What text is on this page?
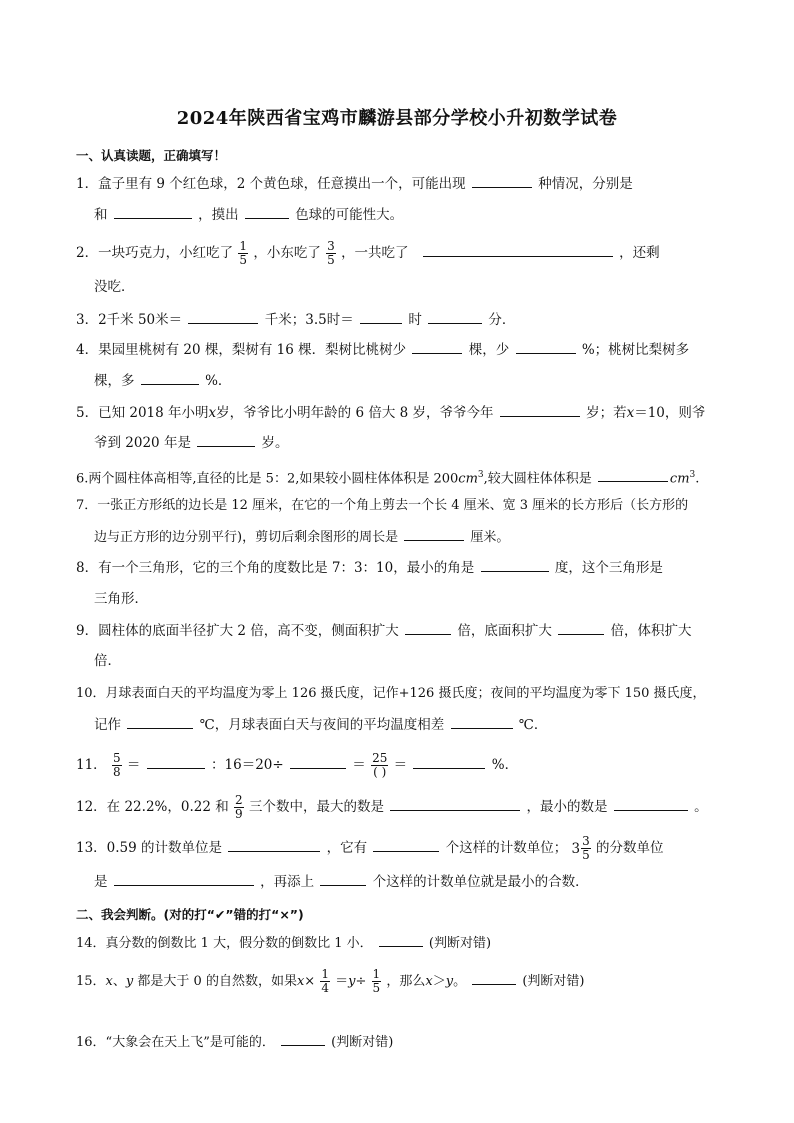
2024年陕西省宝鸡市麟游县部分学校小升初数学试卷
一、认真读题，正确填写！
1．盒子里有 9 个红色球，2 个黄色球，任意摸出一个，可能出现	种情况，分别是
和	，摸出	色球的可能性大。
2．一块巧克力，小红吃了 $\frac{1}{5}$ ，小东吃了 $\frac{3}{5}$ ，一共吃了	，还剩
没吃．
3．2千米 50米＝	千米；3.5时＝	时	分．
4．果园里桃树有 20 棵，梨树有 16 棵．梨树比桃树少	棵，少	%；桃树比梨树多
棵，多	%．
5．已知 2018 年小明x岁，爷爷比小明年龄的 6 倍大 8 岁，爷爷今年	岁；若x＝10，则爷
爷到 2020 年是	岁。
6.两个圆柱体高相等,直径的比是 5：2,如果较小圆柱体体积是 $200cm^3$,较大圆柱体体积是	$cm^3$.
7．一张正方形纸的边长是 12 厘米，在它的一个角上剪去一个长 4 厘米、宽 3 厘米的长方形后（长方形的
边与正方形的边分别平行)，剪切后剩余图形的周长是	厘米。
8．有一个三角形，它的三个角的度数比是 7：3：10，最小的角是	度，这个三角形是
三角形．
9．圆柱体的底面半径扩大 2 倍，高不变，侧面积扩大	倍，底面积扩大	倍，体积扩大
倍．
10．月球表面白天的平均温度为零上 126 摄氏度，记作+126 摄氏度；夜间的平均温度为零下 150 摄氏度，
记作	℃，月球表面白天与夜间的平均温度相差	℃．
11． $\frac{5}{8}$ ＝	：16＝20÷	＝ $\frac{25}{( )}$ ＝	%．
12．在 22.2%，0.22 和 $\frac{2}{9}$ 三个数中，最大的数是	，最小的数是	。
13．0.59 的计数单位是	，它有	个这样的计数单位； $3 \frac{3}{5}$ 的分数单位
是	，再添上	个这样的计数单位就是最小的合数．
二、我会判断。(对的打“✔”错的打“×”)
14．真分数的倒数比 1 大，假分数的倒数比 1 小．	(判断对错)
15．x、y 都是大于 0 的自然数，如果$x\times \frac{1}{4} =y\div \frac{1}{5}$ ，那么x＞y。	(判断对错)
16．“大象会在天上飞”是可能的．	(判断对错)
